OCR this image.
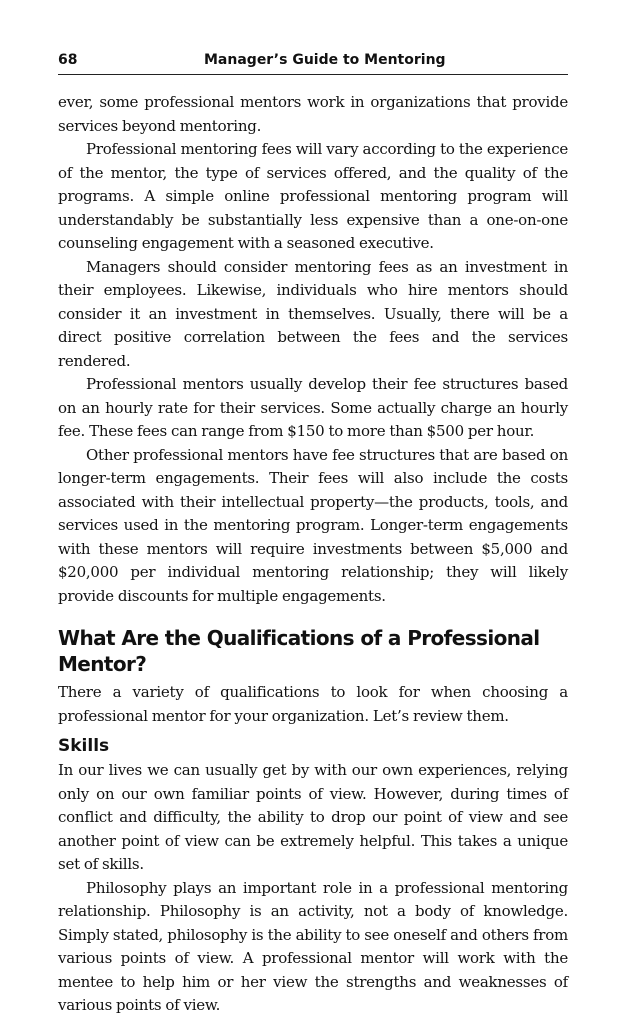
68	Manager’s Guide to Mentoring

ever, some professional mentors work in organizations that provide services beyond mentoring.

Professional mentoring fees will vary according to the experience of the mentor, the type of services offered, and the quality of the programs. A simple online professional mentoring program will understandably be substantially less expensive than a one-on-one counseling engagement with a seasoned executive.

Managers should consider mentoring fees as an investment in their employees. Likewise, individuals who hire mentors should consider it an investment in themselves. Usually, there will be a direct positive correlation between the fees and the services rendered.

Professional mentors usually develop their fee structures based on an hourly rate for their services. Some actually charge an hourly fee. These fees can range from $150 to more than $500 per hour.

Other professional mentors have fee structures that are based on longer-term engagements. Their fees will also include the costs associated with their intellectual property—the products, tools, and services used in the mentoring program. Longer-term engagements with these mentors will require investments between $5,000 and $20,000 per individual mentoring relationship; they will likely provide discounts for multiple engagements.

What Are the Qualifications of a Professional Mentor?

There a variety of qualifications to look for when choosing a professional mentor for your organization. Let’s review them.

Skills

In our lives we can usually get by with our own experiences, relying only on our own familiar points of view. However, during times of conflict and difficulty, the ability to drop our point of view and see another point of view can be extremely helpful. This takes a unique set of skills.

Philosophy plays an important role in a professional mentoring relationship. Philosophy is an activity, not a body of knowledge. Simply stated, philosophy is the ability to see oneself and others from various points of view. A professional mentor will work with the mentee to help him or her view the strengths and weaknesses of various points of view.
